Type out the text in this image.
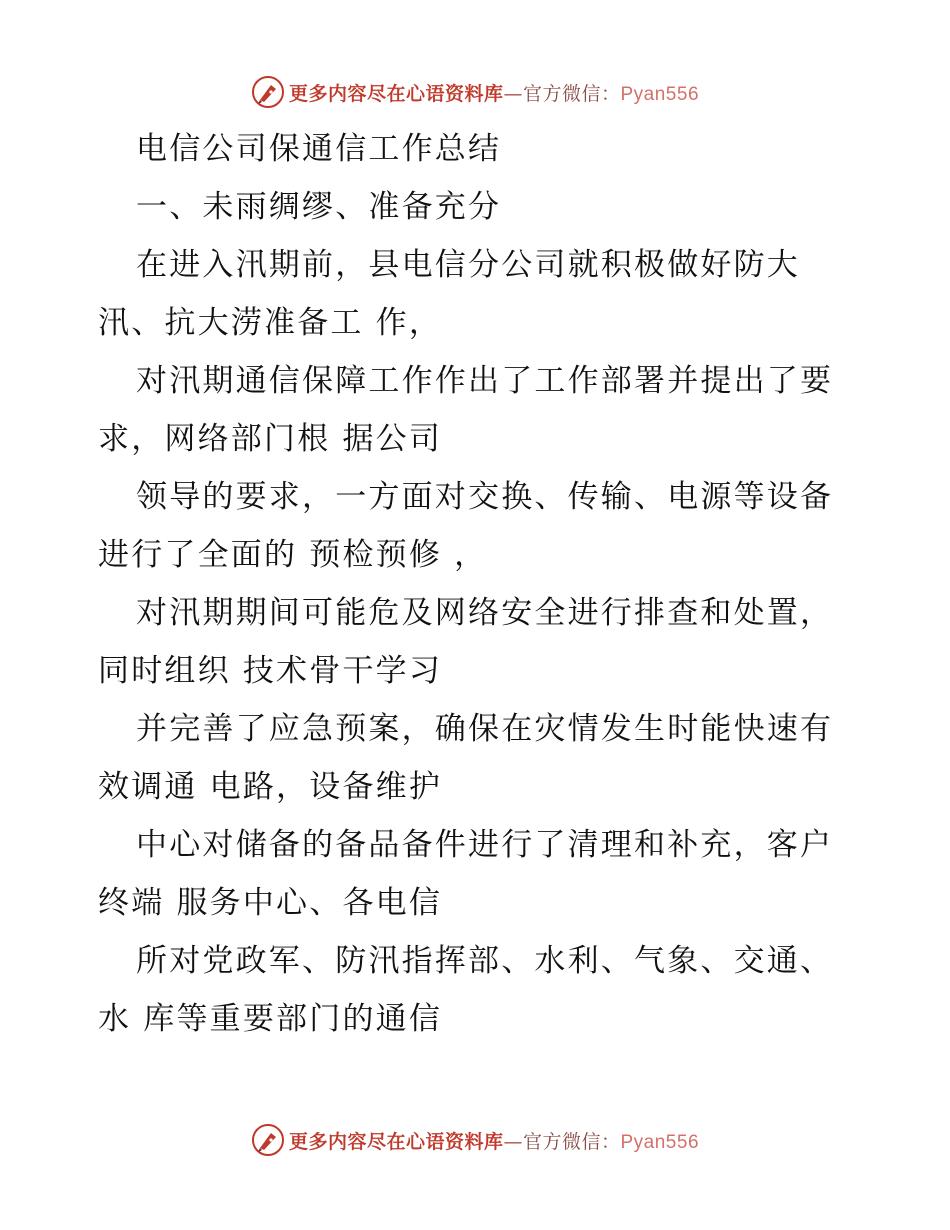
更多内容尽在心语资料库—官方微信：Pyan556

电信公司保通信工作总结

一、未雨绸缪、准备充分

在进入汛期前，县电信分公司就积极做好防大汛、抗大涝准备工 作，

对汛期通信保障工作作出了工作部署并提出了要求，网络部门根 据公司

领导的要求，一方面对交换、传输、电源等设备进行了全面的 预检预修 ，

对汛期期间可能危及网络安全进行排查和处置，同时组织 技术骨干学习

并完善了应急预案，确保在灾情发生时能快速有效调通 电路，设备维护

中心对储备的备品备件进行了清理和补充，客户终端 服务中心、各电信

所对党政军、防汛指挥部、水利、气象、交通、水 库等重要部门的通信

更多内容尽在心语资料库—官方微信：Pyan556
